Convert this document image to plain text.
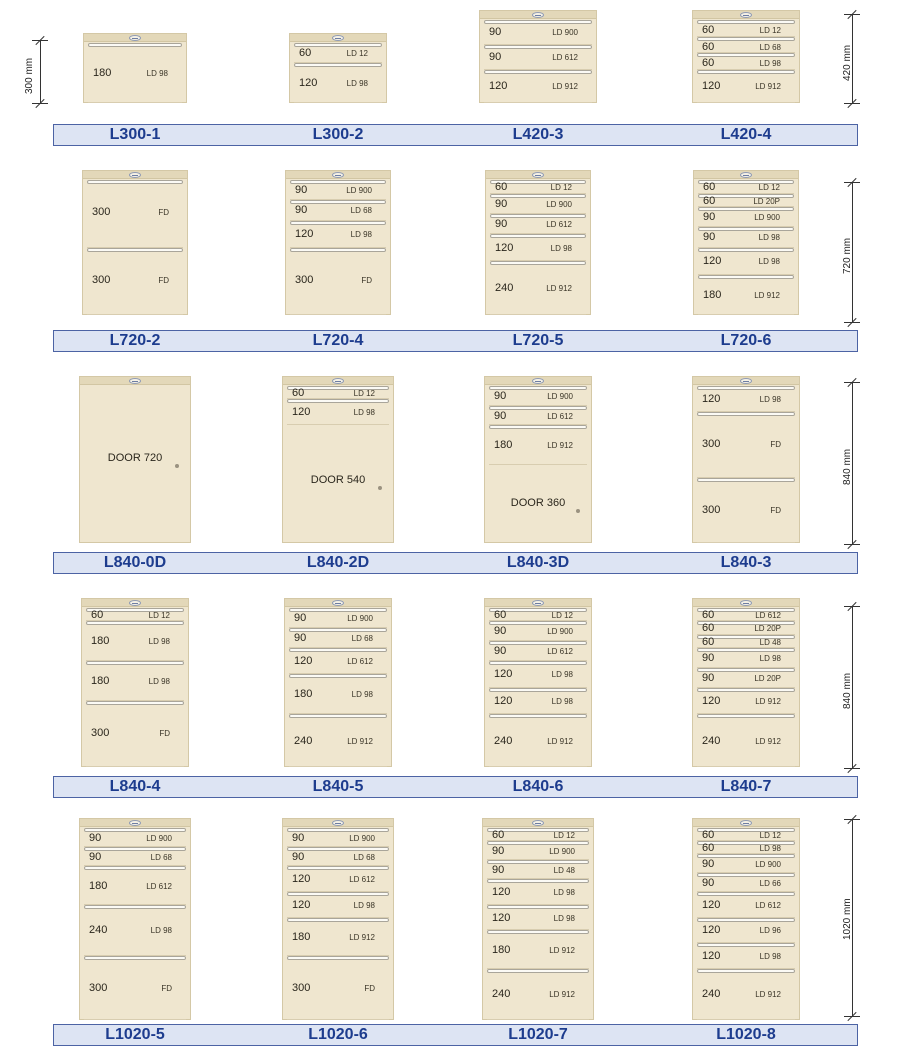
L300-1
180	LD 98
L300-2
60	LD 12
120	LD 98
L420-3
90	LD 900
90	LD 612
120	LD 912
L420-4
60	LD 12
60	LD 68
60	LD 98
120	LD 912
300 mm
L720-2
300	FD
300	FD
L720-4
90	LD 900
90	LD 68
120	LD 98
300	FD
L720-5
60	LD 12
90	LD 900
90	LD 612
120	LD 98
240	LD 912
L720-6
60	LD 12
60	LD 20P
90	LD 900
90	LD 98
120	LD 98
180	LD 912
720 mm
L840-0D
DOOR 720
L840-2D
60	LD 12
120	LD 98
DOOR 540
L840-3D
90	LD 900
90	LD 612
180	LD 912
DOOR 360
L840-3
120	LD 98
300	FD
300	FD
840 mm
L840-4
60	LD 12
180	LD 98
180	LD 98
300	FD
L840-5
90	LD 900
90	LD 68
120	LD 612
180	LD 98
240	LD 912
L840-6
60	LD 12
90	LD 900
90	LD 612
120	LD 98
120	LD 98
240	LD 912
L840-7
60	LD 612
60	LD 20P
60	LD 48
90	LD 98
90	LD 20P
120	LD 912
240	LD 912
840 mm
L1020-5
90	LD 900
90	LD 68
180	LD 612
240	LD 98
300	FD
L1020-6
90	LD 900
90	LD 68
120	LD 612
120	LD 98
180	LD 912
300	FD
L1020-7
60	LD 12
90	LD 900
90	LD 48
120	LD 98
120	LD 98
180	LD 912
240	LD 912
L1020-8
60	LD 12
60	LD 98
90	LD 900
90	LD 66
120	LD 612
120	LD 96
120	LD 98
240	LD 912
1020 mm
420 mm
